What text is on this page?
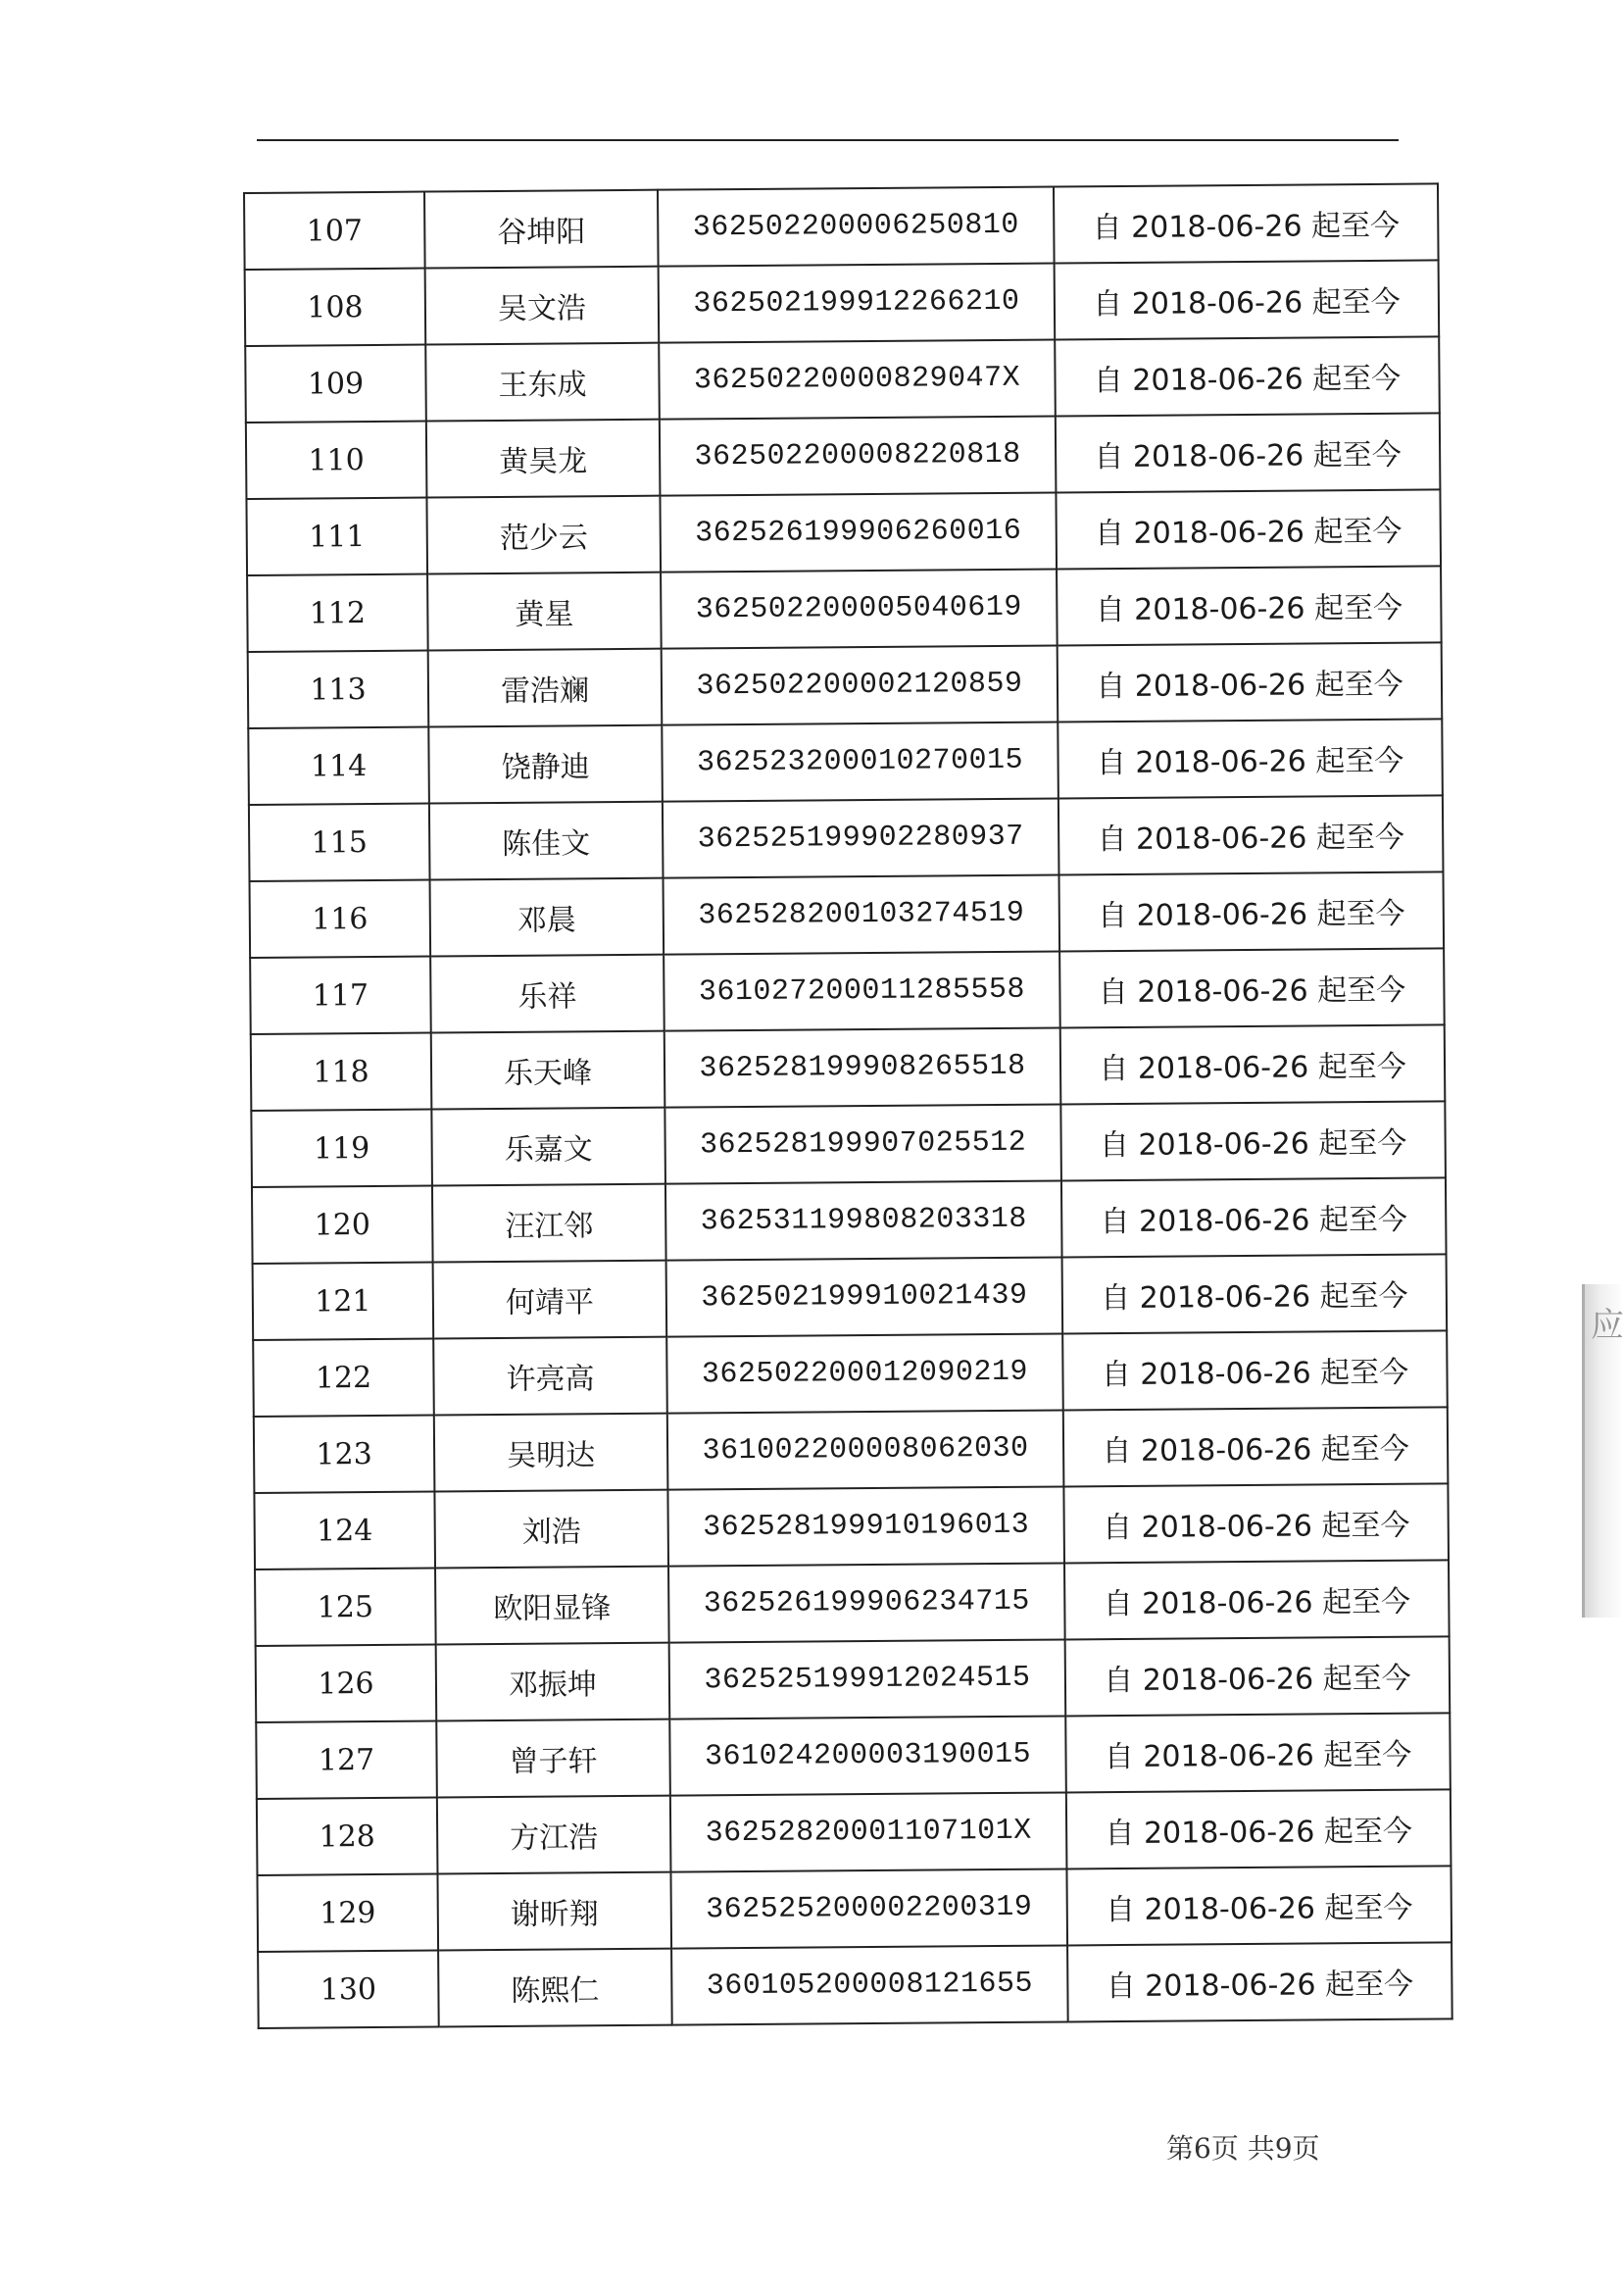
107	谷坤阳	362502200006250810	自 2018-06-26 起至今
108	吴文浩	362502199912266210	自 2018-06-26 起至今
109	王东成	36250220000829047X	自 2018-06-26 起至今
110	黄昊龙	362502200008220818	自 2018-06-26 起至今
111	范少云	362526199906260016	自 2018-06-26 起至今
112	黄星	362502200005040619	自 2018-06-26 起至今
113	雷浩斓	362502200002120859	自 2018-06-26 起至今
114	饶静迪	362523200010270015	自 2018-06-26 起至今
115	陈佳文	362525199902280937	自 2018-06-26 起至今
116	邓晨	362528200103274519	自 2018-06-26 起至今
117	乐祥	361027200011285558	自 2018-06-26 起至今
118	乐天峰	362528199908265518	自 2018-06-26 起至今
119	乐嘉文	362528199907025512	自 2018-06-26 起至今
120	汪江邻	362531199808203318	自 2018-06-26 起至今
121	何靖平	362502199910021439	自 2018-06-26 起至今
122	许亮高	362502200012090219	自 2018-06-26 起至今
123	吴明达	361002200008062030	自 2018-06-26 起至今
124	刘浩	362528199910196013	自 2018-06-26 起至今
125	欧阳显锋	362526199906234715	自 2018-06-26 起至今
126	邓振坤	362525199912024515	自 2018-06-26 起至今
127	曾子轩	361024200003190015	自 2018-06-26 起至今
128	方江浩	36252820001107101X	自 2018-06-26 起至今
129	谢昕翔	362525200002200319	自 2018-06-26 起至今
130	陈熙仁	360105200008121655	自 2018-06-26 起至今
第6页 共9页
应
